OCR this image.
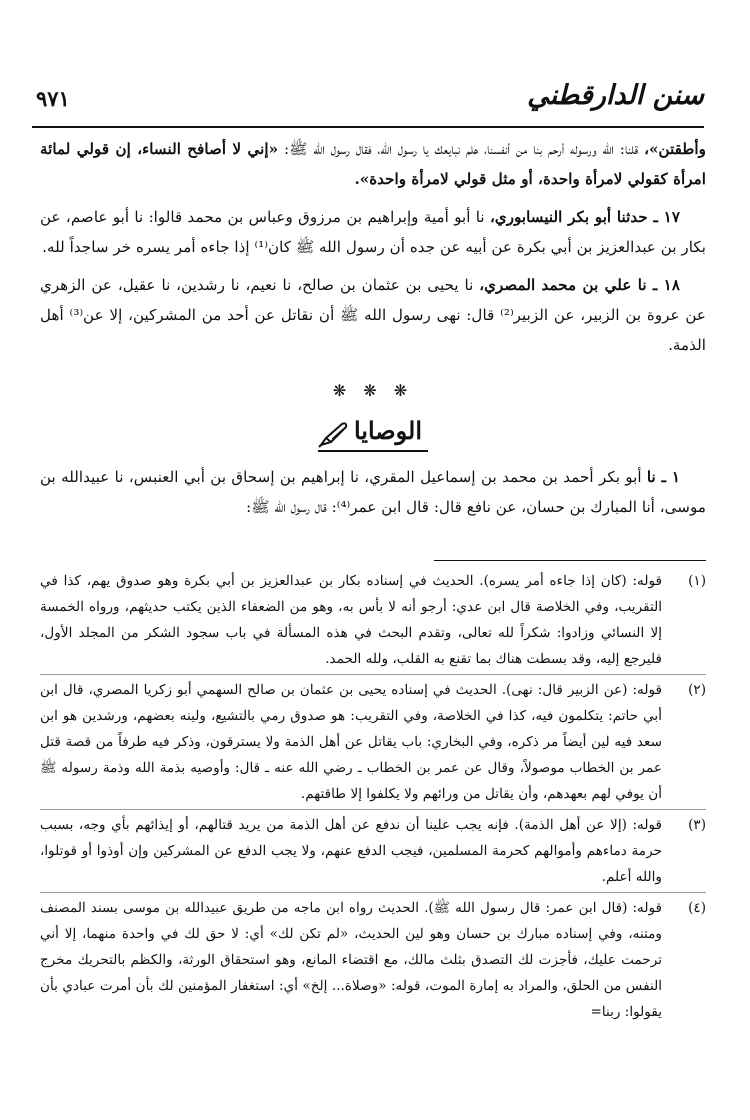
سنن الدارقطني
٩٧١

وأطقتن»، قلنا: الله ورسوله أرحم بنا من أنفسنا، هلم نبايعك يا رسول الله، فقال رسول الله ﷺ: «إني لا أصافح النساء، إن قولي لمائة امرأة كقولي لامرأة واحدة، أو مثل قولي لامرأة واحدة».

١٧ ـ حدثنا أبو بكر النيسابوري، نا أبو أمية وإبراهيم بن مرزوق وعباس بن محمد قالوا: نا أبو عاصم، عن بكار بن عبدالعزيز بن أبي بكرة عن أبيه عن جده أن رسول الله ﷺ كان⁽¹⁾ إذا جاءه أمر يسره خر ساجداً لله.

١٨ ـ نا علي بن محمد المصري، نا يحيى بن عثمان بن صالح، نا نعيم، نا رشدين، نا عقيل، عن الزهري عن عروة بن الزبير، عن الزبير⁽²⁾ قال: نهى رسول الله ﷺ أن نقاتل عن أحد من المشركين، إلا عن⁽³⁾ أهل الذمة.

❋ ❋ ❋
الوصايا

١ ـ نا أبو بكر أحمد بن محمد بن إسماعيل المقري، نا إبراهيم بن إسحاق بن أبي العنبس، نا عبيدالله بن موسى، أنا المبارك بن حسان، عن نافع قال: قال ابن عمر⁽⁴⁾: قال رسول الله ﷺ:

(١)
قوله: (كان إذا جاءه أمر يسره). الحديث في إسناده بكار بن عبدالعزيز بن أبي بكرة وهو صدوق يهم، كذا في التقريب، وفي الخلاصة قال ابن عدي: أرجو أنه لا بأس به، وهو من الضعفاء الذين يكتب حديثهم، ورواه الخمسة إلا النسائي وزادوا: شكراً لله تعالى، وتقدم البحث في هذه المسألة في باب سجود الشكر من المجلد الأول، فليرجع إليه، وقد بسطت هناك بما تقنع به القلب، ولله الحمد.
(٢)
قوله: (عن الزبير قال: نهى). الحديث في إسناده يحيى بن عثمان بن صالح السهمي أبو زكريا المصري، قال ابن أبي حاتم: يتكلمون فيه، كذا في الخلاصة، وفي التقريب: هو صدوق رمي بالتشيع، ولينه بعضهم، ورشدين هو ابن سعد فيه لين أيضاً مر ذكره، وفي البخاري: باب يقاتل عن أهل الذمة ولا يسترقون، وذكر فيه طرفاً من قصة قتل عمر بن الخطاب موصولاً، وقال عن عمر بن الخطاب ـ رضي الله عنه ـ قال: وأوصيه بذمة الله وذمة رسوله ﷺ أن يوفي لهم بعهدهم، وأن يقاتل من ورائهم ولا يكلفوا إلا طاقتهم.
(٣)
قوله: (إلا عن أهل الذمة). فإنه يجب علينا أن ندفع عن أهل الذمة من يريد قتالهم، أو إيذائهم بأي وجه، بسبب حرمة دماءهم وأموالهم كحرمة المسلمين، فيجب الدفع عنهم، ولا يجب الدفع عن المشركين وإن أوذوا أو قوتلوا، والله أعلم.
(٤)
قوله: (قال ابن عمر: قال رسول الله ﷺ). الحديث رواه ابن ماجه من طريق عبيدالله بن موسى بسند المصنف ومتنه، وفي إسناده مبارك بن حسان وهو لين الحديث، «لم تكن لك» أي: لا حق لك في واحدة منهما، إلا أني ترحمت عليك، فأجزت لك التصدق بثلث مالك، مع اقتضاء المانع، وهو استحقاق الورثة، والكظم بالتحريك مخرج النفس من الحلق، والمراد به إمارة الموت، قوله: «وصلاة... إلخ» أي: استغفار المؤمنين لك بأن أمرت عبادي بأن يقولوا: ربنا=
